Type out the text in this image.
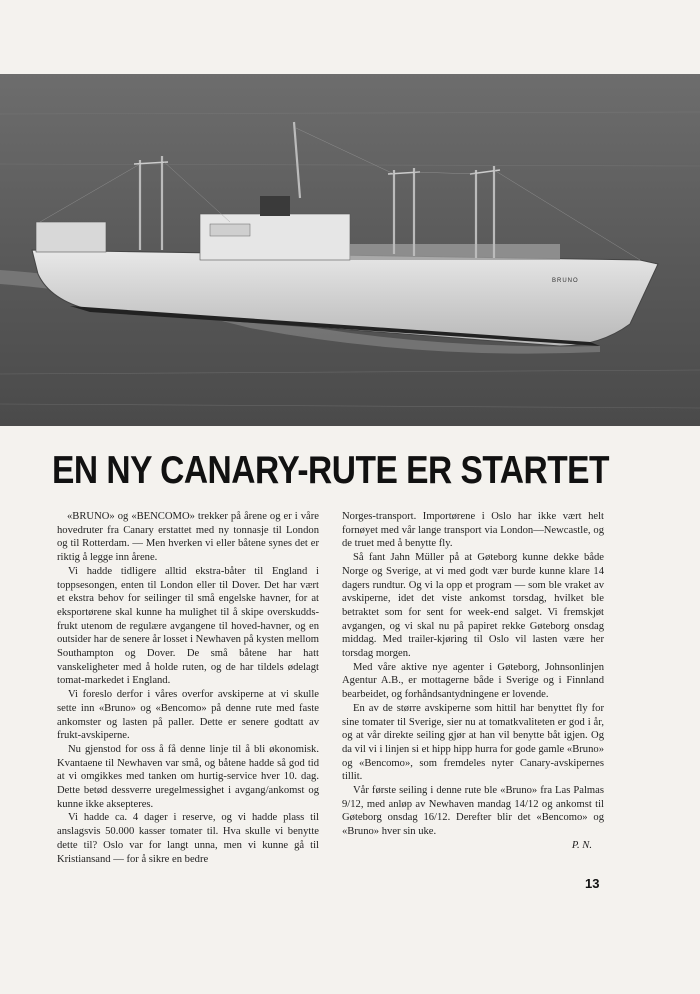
BRUNO
EN NY CANARY-RUTE ER STARTET

«BRUNO» og «BENCOMO» trekker på årene og er i våre hovedruter fra Canary erstattet med ny tonnasje til London og til Rotterdam. — Men hverken vi eller båtene synes det er riktig å legge inn årene.

Vi hadde tidligere alltid ekstra-båter til England i toppsesongen, enten til London eller til Dover. Det har vært et ekstra behov for seilinger til små engelske havner, for at eksportørene skal kunne ha mulighet til å skipe overskudds-frukt utenom de regulære avgangene til hoved-havner, og en outsider har de senere år losset i Newhaven på kysten mellom Southampton og Dover. De små båtene har hatt vanskeligheter med å holde ruten, og de har tildels ødelagt tomat-markedet i England.

Vi foreslo derfor i våres overfor avskiperne at vi skulle sette inn «Bruno» og «Bencomo» på denne rute med faste ankomster og lasten på paller. Dette er senere godtatt av frukt-avskiperne.

Nu gjenstod for oss å få denne linje til å bli økonomisk. Kvantaene til Newhaven var små, og båtene hadde så god tid at vi omgikkes med tanken om hurtig-service hver 10. dag. Dette betød dessverre uregelmessighet i avgang/ankomst og kunne ikke aksepteres.

Vi hadde ca. 4 dager i reserve, og vi hadde plass til anslagsvis 50.000 kasser tomater til. Hva skulle vi benytte dette til? Oslo var for langt unna, men vi kunne gå til Kristiansand — for å sikre en bedre

Norges-transport. Importørene i Oslo har ikke vært helt fornøyet med vår lange transport via London—Newcastle, og de truet med å benytte fly.

Så fant Jahn Müller på at Gøteborg kunne dekke både Norge og Sverige, at vi med godt vær burde kunne klare 14 dagers rundtur. Og vi la opp et program — som ble vraket av avskiperne, idet det viste ankomst torsdag, hvilket ble betraktet som for sent for week-end salget. Vi fremskjøt avgangen, og vi skal nu på papiret rekke Gøteborg onsdag middag. Med trailer-kjøring til Oslo vil lasten være her torsdag morgen.

Med våre aktive nye agenter i Gøteborg, Johnsonlinjen Agentur A.B., er mottagerne både i Sverige og i Finnland bearbeidet, og forhåndsantydningene er lovende.

En av de større avskiperne som hittil har benyttet fly for sine tomater til Sverige, sier nu at tomatkvaliteten er god i år, og at vår direkte seiling gjør at han vil benytte båt igjen. Og da vil vi i linjen si et hipp hipp hurra for gode gamle «Bruno» og «Bencomo», som fremdeles nyter Canary-avskipernes tillit.

Vår første seiling i denne rute ble «Bruno» fra Las Palmas 9/12, med anløp av Newhaven mandag 14/12 og ankomst til Gøteborg onsdag 16/12. Derefter blir det «Bencomo» og «Bruno» hver sin uke.

P. N.

13
